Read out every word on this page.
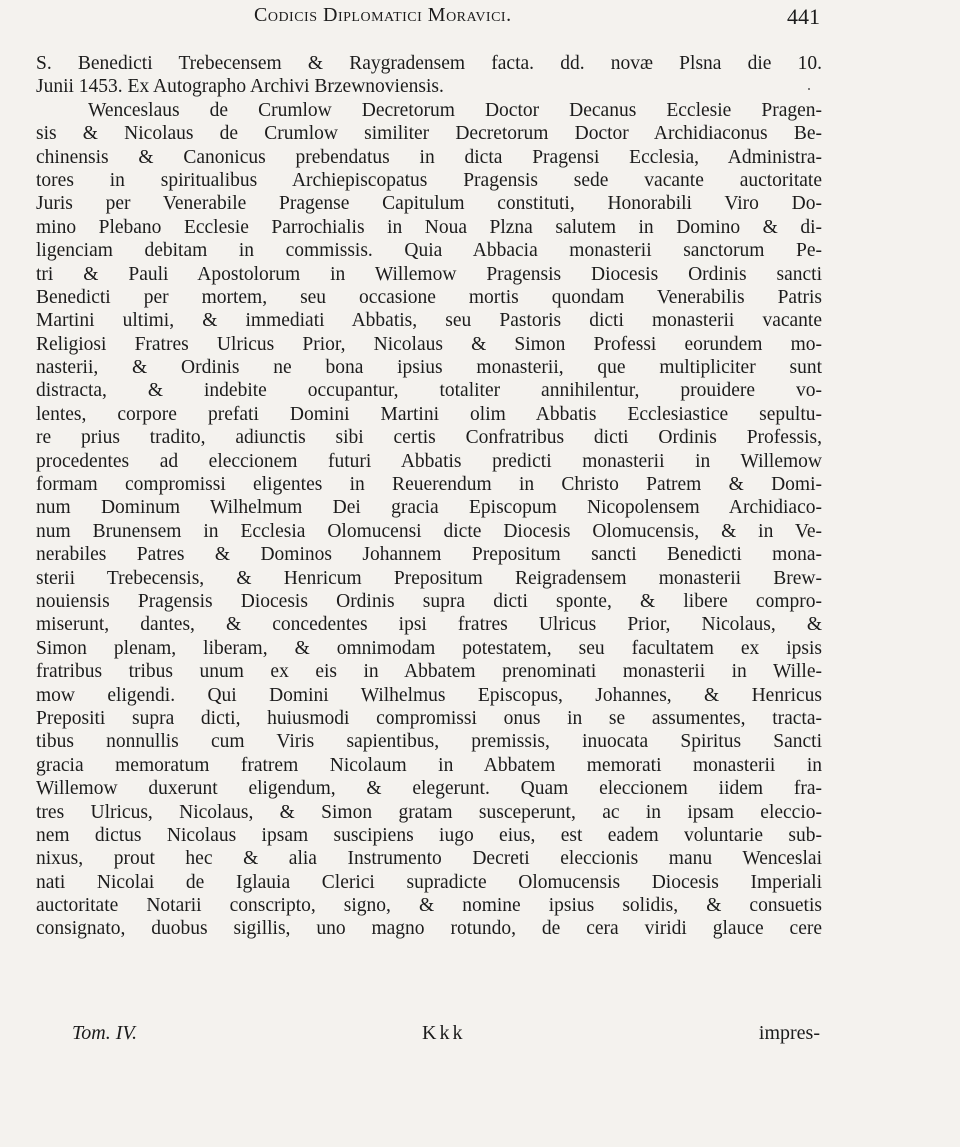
Codicis Diplomatici Moravici.	441
S. Benedicti Trebecensem & Raygradensem facta. dd. novæ Plsna die 10.
Junii 1453. Ex Autographo Archivi Brzewnoviensis.
Wenceslaus de Crumlow Decretorum Doctor Decanus Ecclesie Pragen-
sis & Nicolaus de Crumlow similiter Decretorum Doctor Archidiaconus Be-
chinensis & Canonicus prebendatus in dicta Pragensi Ecclesia, Administra-
tores in spiritualibus Archiepiscopatus Pragensis sede vacante auctoritate
Juris per Venerabile Pragense Capitulum constituti, Honorabili Viro Do-
mino Plebano Ecclesie Parrochialis in Noua Plzna salutem in Domino & di-
ligenciam debitam in commissis. Quia Abbacia monasterii sanctorum Pe-
tri & Pauli Apostolorum in Willemow Pragensis Diocesis Ordinis sancti
Benedicti per mortem, seu occasione mortis quondam Venerabilis Patris
Martini ultimi, & immediati Abbatis, seu Pastoris dicti monasterii vacante
Religiosi Fratres Ulricus Prior, Nicolaus & Simon Professi eorundem mo-
nasterii, & Ordinis ne bona ipsius monasterii, que multipliciter sunt
distracta, & indebite occupantur, totaliter annihilentur, prouidere vo-
lentes, corpore prefati Domini Martini olim Abbatis Ecclesiastice sepultu-
re prius tradito, adiunctis sibi certis Confratribus dicti Ordinis Professis,
procedentes ad eleccionem futuri Abbatis predicti monasterii in Willemow
formam compromissi eligentes in Reuerendum in Christo Patrem & Domi-
num Dominum Wilhelmum Dei gracia Episcopum Nicopolensem Archidiaco-
num Brunensem in Ecclesia Olomucensi dicte Diocesis Olomucensis, & in Ve-
nerabiles Patres & Dominos Johannem Prepositum sancti Benedicti mona-
sterii Trebecensis, & Henricum Prepositum Reigradensem monasterii Brew-
nouiensis Pragensis Diocesis Ordinis supra dicti sponte, & libere compro-
miserunt, dantes, & concedentes ipsi fratres Ulricus Prior, Nicolaus, &
Simon plenam, liberam, & omnimodam potestatem, seu facultatem ex ipsis
fratribus tribus unum ex eis in Abbatem prenominati monasterii in Wille-
mow eligendi. Qui Domini Wilhelmus Episcopus, Johannes, & Henricus
Prepositi supra dicti, huiusmodi compromissi onus in se assumentes, tracta-
tibus nonnullis cum Viris sapientibus, premissis, inuocata Spiritus Sancti
gracia memoratum fratrem Nicolaum in Abbatem memorati monasterii in
Willemow duxerunt eligendum, & elegerunt. Quam eleccionem iidem fra-
tres Ulricus, Nicolaus, & Simon gratam susceperunt, ac in ipsam eleccio-
nem dictus Nicolaus ipsam suscipiens iugo eius, est eadem voluntarie sub-
nixus, prout hec & alia Instrumento Decreti eleccionis manu Wenceslai
nati Nicolai de Iglauia Clerici supradicte Olomucensis Diocesis Imperiali
auctoritate Notarii conscripto, signo, & nomine ipsius solidis, & consuetis
consignato, duobus sigillis, uno magno rotundo, de cera viridi glauce cere
Tom. IV.	Kkk	impres-
